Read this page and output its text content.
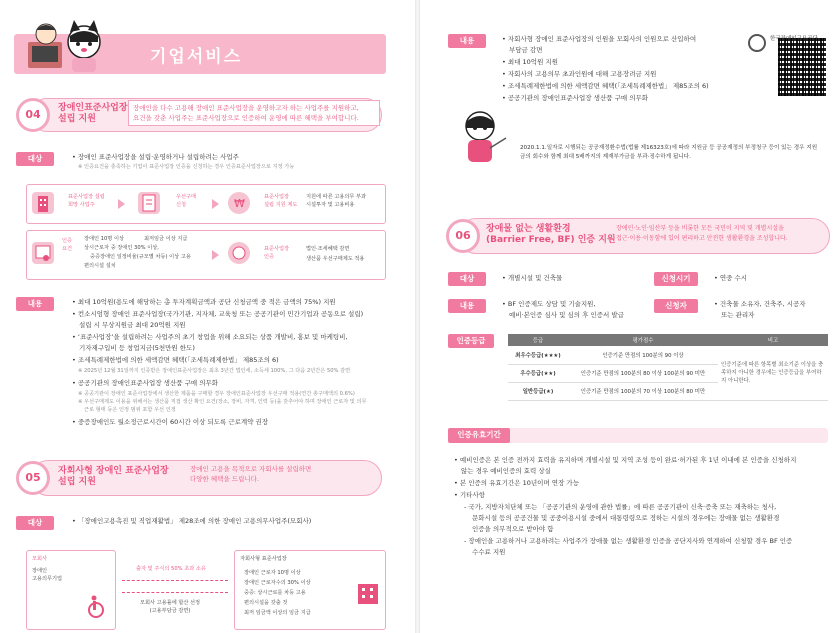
기업서비스
04	장애인표준사업장
설립 지원
장애인을 다수 고용해 장애인 표준사업장을 운영하고자 하는 사업주를 지원하고,
요건을 갖춘 사업주는 표준사업장으로 인증하여 운영에 따른 혜택을 부여합니다.
대상	• 장애인 표준사업장을 설립·운영하거나 설립하려는 사업주
※ 인증요건을 충족하는 기업이 표준사업장 인증을 신청하는 경우 인증표준사업장으로 지정 가능
표준사업장 설립
희망 사업주
우선구매
신청	₩	표준사업장
설립 지원 제도
지원에 따른 고용의무 부과
시설투자 및 고용비용
인증
요건
장애인 10명 이상	최저임금 이상 지급
상시근로자 중 장애인 30% 이상,
중증장애인 일정비율(규모별 차등) 이상 고용
편의시설 설치
표준사업장
인증
법인·조세혜택 감면
생산품 우선구매제도 적용
내용	• 최대 10억원(용도에 해당하는 총 투자계획금액과 공단 신청금액 중 적은 금액의 75%) 지원
• 컨소시엄형 장애인 표준사업장(국가기관, 지자체, 교육청 또는 공공기관이 민간기업과 공동으로 설립)
설립 시 무상지원금 최대 20억원 지원
• ‘표준사업장’을 설립하려는 사업주의 초기 창업을 위해 소요되는 상품 개발비, 홍보 및 마케팅비,
기자재구입비 등 창업지금(5천만원 한도)
• 조세특례제한법에 의한 세액감면 혜택(「조세특례제한법」 제85조의 6)
※ 2025년 12월 31일까지 인증받은 장애인표준사업장은 최초 3년간 법인세, 소득세 100%, 그 다음 2년간은 50% 감면
• 공공기관의 장애인표준사업장 생산품 구매 의무화
※ 공공기관이 장애인 표준사업장에서 생산한 제품을 구매할 경우 장애인표준사업장 우선구매 적용(연간 총구매액의 0.6%)
※ 우선구매제도 이용을 위해서는 생산품 직접 생산 확인 요건(장소, 장비, 자격, 인력 등)을 갖추어야 하며 장애인 근로자 및 의무
근로 형태 등은 인정 범위 포함 우선 인정
• 중증장애인도 월소정근로시간이 60시간 이상 되도록 근로계약 권장
05	자회사형 장애인 표준사업장
설립 지원
장애인 고용을 목적으로 자회사를 설립하면
다양한 혜택을 드립니다.
대상	• 「장애인고용촉진 및 직업재활법」 제28조에 의한 장애인 고용의무사업주(모회사)
모회사
장애인
고용의무기업
출자 및 주식의 50% 초과 소유
모회사 고용률에 합산 선정
(고용부담금 감면)
자회사형 표준사업장
장애인 근로자 10명 이상
장애인 근로자수의 30% 이상
중증: 상시근로를 차등 고용
편의시설을 갖출 것
최저 임금액 이상의 임금 지급
내용	• 자회사형 장애인 표준사업장의 인원을 모회사의 인원으로 산입하여
부담금 감면
• 최대 10억원 지원
• 자회사의 고용의무 초과인원에 대해 고용장려금 지원
• 조세특례제한법에 의한 세액감면 혜택(「조세특례제한법」 제85조의 6)
• 공공기관의 장애인표준사업장 생산품 구매 의무화
한국장애인고용공단
2020.1.1.일자로 시행되는 공공재정환수법(법률 제16323호)에 따라 지원금 등 공공재정의 부정청구 등이 있는 경우 지원금의 회수와 함께 최대 5배까지의 제재부가금을 부과·징수하게 됩니다.
06	장애물 없는 생활환경
(Barrier Free, BF) 인증 지원
장애인·노인·임산부 등을 비롯한 모든 국민이 지역 및 개별시설을
접근·이용·이동함에 있어 편리하고 안전한 생활환경을 조성합니다.
대상	• 개별시설 및 건축물	신청시기	• 연중 수시
내용	• BF 인증제도 상담 및 기술지원,
예비·본인증 심사 및 심의 후 인증서 발급
신청자	• 건축물 소유자, 건축주, 시공자
또는 관리자
인증등급	등급	평가점수	비고
최우수등급(★★★)	인증기준 만점의 100분의 90 이상	인증기준에 따른 항목별 최소기준 이상을 충족하지 아니한 경우에는 인증등급을 부여하지 아니한다.
우수등급(★★)	인증기준 만점의 100분의 80 이상 100분의 90 미만	
일반등급(★)	인증기준 만점의 100분의 70 이상 100분의 80 미만	
인증유효기간
• 예비인증은 본 인증 전까지 효력을 유지하며 개별시설 및 지역 조성 등이 완료·허가된 후 1년 이내에 본 인증을 신청하지
않는 경우 예비인증의 효력 상실
• 본 인증의 유효기간은 10년이며 연장 가능
• 기타사항
- 국가, 지방자치단체 또는 「공공기관의 운영에 관한 법률」에 따른 공공기관이 신축·증축 또는 재축하는 청사,
문화시설 등의 공공건물 및 공중이용시설 중에서 대통령령으로 정하는 시설의 경우에는 장애물 없는 생활환경
인증을 의무적으로 받아야 함
- 장애인을 고용하거나 고용하려는 사업주가 장애물 없는 생활환경 인증을 공단지사와 연계하여 신청할 경우 BF 인증
수수료 지원
